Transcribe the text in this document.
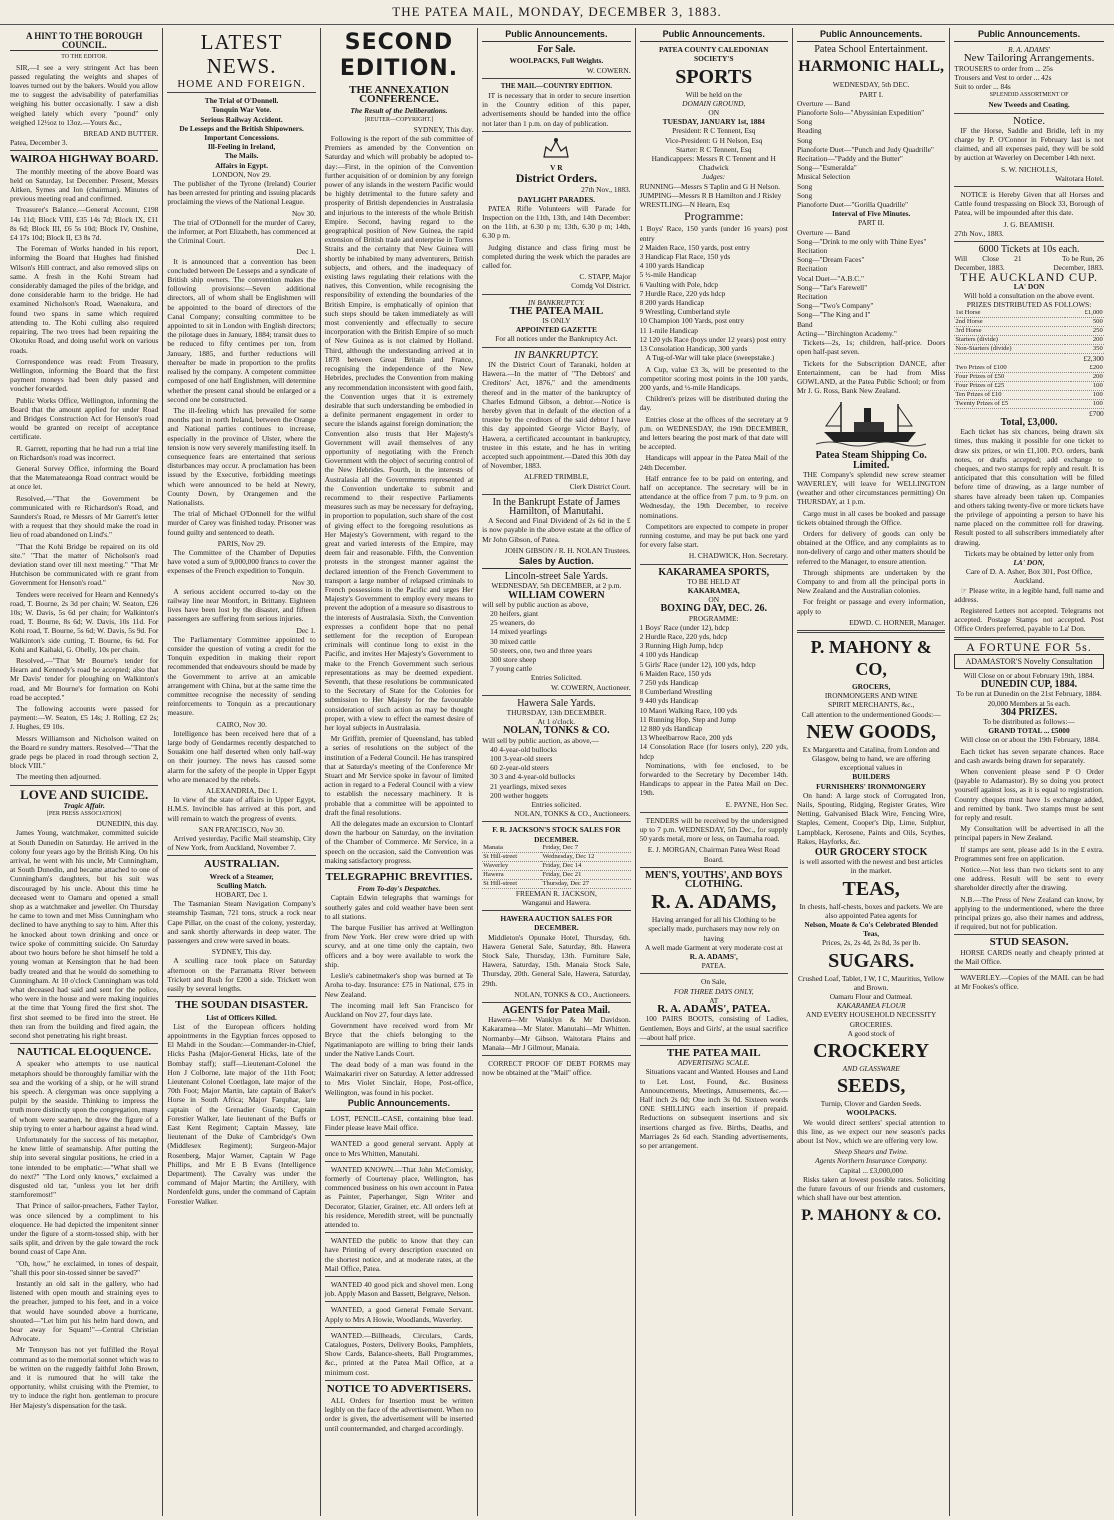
THE PATEA MAIL, MONDAY, DECEMBER 3, 1883.
A HINT TO THE BOROUGH COUNCIL.
TO THE EDITOR.

SIR,—I see a very stringent Act has been passed regulating the weights and shapes of loaves turned out by the bakers. Would you allow me to suggest the advisability of paterfamilias weighing his butter occasionally. I saw a dish weighed lately which every "pound" only weighed 12½oz to 13oz.—Yours &c.,

BREAD AND BUTTER.
Patea, December 3.
WAIROA HIGHWAY BOARD.

The monthly meeting of the above Board was held on Saturday, 1st December. Present, Messrs Aitken, Symes and Ion (chairman). Minutes of previous meeting read and confirmed.

Treasurer's Balance.—General Account, £198 14s 11d; Block VIII, £35 14s 7d; Block IX, £11 8s 6d; Block III, £6 5s 10d; Block IV, Onshine, £4 17s 10d; Block II, £3 8s 7d.

The Foreman of Works handed in his report, informing the Board that Hughes had finished Wilson's Hill contract, and also removed slips on same. A fresh in the Kohi Stream had considerably damaged the piles of the bridge, and done considerable harm to the bridge. He had examined Nicholson's Road, Waenakura, and found two spans in same which required attending to. The Kohi culling also required repairing. The two trees had been repairing the Okotuku Road, and doing useful work on various roads.

Correspondence was read: From Treasury, Wellington, informing the Board that the first payment moneys had been duly passed and voucher forwarded.

Public Works Office, Wellington, informing the Board that the amount applied for under Road and Bridges Construction Act for Henson's road would be granted on receipt of acceptance certificate.

R. Garrett, reporting that he had run a trial line on Richardson's road was incorrect.

General Survey Office, informing the Board that the Matemateaonga Road contract would be at once let.

Resolved,—"That the Government be communicated with re Richardson's Road, and Saunders's Road, re Messrs of Mr Garrett's letter with a request that they should make the road in lieu of road abandoned on Lind's."

"That the Kohi Bridge be repaired on its old site." "That the matter of Nicholson's road deviation stand over till next meeting." "That Mr Hutchison be communicated with re grant from Government for Henson's road."

Tenders were received for Hearn and Kennedy's road, T. Bourne, 2s 3d per chain; W. Seaton, £26 10s; W. Davis, 5s 6d per chain; for Walkinton's road, T. Bourne, 8s 6d; W. Davis, 10s 11d. For Kohi road, T. Bourne, 5s 6d; W. Davis, 5s 9d. For Walkinton's side cutting, T. Bourne, 6s 6d. For Kohi and Kaihaki, G. Ohelly, 10s per chain.

Resolved,—"That Mr Bourne's tender for Hearn and Kennedy's road be accepted; also that Mr Davis' tender for ploughing on Walkinton's road, and Mr Bourne's for formation on Kohi road be accepted."

The following accounts were passed for payment:—W. Seaton, £5 14s; J. Rolling, £2 2s; J. Hughes, £9 10s.

Messrs Williamson and Nicholson waited on the Board re sundry matters. Resolved—"That the grade pegs be placed in road through section 2, block VIII."

The meeting then adjourned.

LOVE AND SUICIDE.
Tragic Affair.
[PER PRESS ASSOCIATION]
DUNEDIN, this day.

James Young, watchmaker, committed suicide at South Dunedin on Saturday. He arrived in the colony four years ago by the British King. On his arrival, he went with his uncle, Mr Cunningham, at South Dunedin, and became attached to one of Cunningham's daughters, but his suit was discouraged by his uncle. About this time he deceased went to Oamaru and opened a small shop as a watchmaker and jeweller. On Thursday he came to town and met Miss Cunningham who declined to have anything to say to him. After this he knocked about town drinking and once or twice spoke of committing suicide. On Saturday about two hours before he shot himself he told a young woman at Kensington that he had been badly treated and that he would do something to Cunningham. At 10 o'clock Cunningham was told what deceased had said and sent for the police, who were in the house and were making inquiries at the time that Young fired the first shot. The first shot seemed to be fired into the street. He then ran from the building and fired again, the second shot penetrating his right breast.

NAUTICAL ELOQUENCE.

A speaker who attempts to use nautical metaphors should be thoroughly familiar with the sea and the working of a ship, or he will strand his speech. A clergyman was once supplying a pulpit by the seaside. Thinking to impress the truth more distinctly upon the congregation, many of whom were seamen, he drew the figure of a ship trying to enter a harbour against a head wind.

Unfortunately for the success of his metaphor, he knew little of seamanship. After putting the ship into several singular positions, he cried in a tone intended to be emphatic:—"What shall we do next?" "The Lord only knows," exclaimed a disgusted old tar, "unless you let her drift starnforemost!"

That Prince of sailor-preachers, Father Taylor, was once silenced by a compliment to his eloquence. He had depicted the impenitent sinner under the figure of a storm-tossed ship, with her sails split, and driven by the gale toward the rock bound coast of Cape Ann.

"Oh, how," he exclaimed, in tones of despair, "shall this poor sin-tossed sinner be saved?"

Instantly an old salt in the gallery, who had listened with open mouth and straining eyes to the preacher, jumped to his feet, and in a voice that would have sounded above a hurricane, shouted—"Let him put his helm hard down, and bear away for Squam!"—Central Christian Advocate.

Mr Tennyson has not yet fulfilled the Royal command as to the memorial sonnet which was to be written on the ruggedly faithful John Brown, and it is rumoured that he will take the opportunity, whilst cruising with the Premier, to try to induce the right hon. gentleman to procure Her Majesty's dispensation for the task.

LATEST NEWS.
HOME AND FOREIGN.
The Trial of O'Donnell.
Tonquin War Vote.
Serious Railway Accident.
De Lesseps and the British Shipowners.
Important Concessions.
Ill-Feeling in Ireland,
The Mails.
Affairs in Egypt.
LONDON, Nov 29.

The publisher of the Tyrone (Ireland) Courier has been arrested for printing and issuing placards proclaiming the views of the National League.

Nov 30.

The trial of O'Donnell for the murder of Carey, the informer, at Port Elizabeth, has commenced at the Criminal Court.

Dec 1.

It is announced that a convention has been concluded between De Lesseps and a syndicate of British ship owners. The convention makes the following provisions:—Seven additional directors, all of whom shall be Englishmen will be appointed to the board of directors of the Canal Company; consulting committee to be appointed to sit in London with English directors; the pilotage dues in January, 1884; transit dues to be reduced to fifty centimes per ton, from January, 1885, and further reductions will thereafter be made in proportion to the profits realised by the company. A competent committee composed of one half Englishmen, will determine whether the present canal should be enlarged or a second one be constructed.

The ill-feeling which has prevailed for some months past in north Ireland, between the Orange and National parties continues to increase, especially in the province of Ulster, where the tension is now very severely manifesting itself. In consequence fears are entertained that serious disturbances may occur. A proclamation has been issued by the Executive, forbidding meetings which were announced to be held at Newry, County Down, by Orangemen and the Nationalists.

The trial of Michael O'Donnell for the wilful murder of Carey was finished today. Prisoner was found guilty and sentenced to death.

PARIS, Nov 29.

The Committee of the Chamber of Deputies have voted a sum of 9,000,000 francs to cover the expenses of the French expedition to Tonquin.

Nov 30.

A serious accident occurred to-day on the railway line near Montfort, in Brittany. Eighteen lives have been lost by the disaster, and fifteen passengers are suffering from serious injuries.

Dec 1.

The Parliamentary Committee appointed to consider the question of voting a credit for the Tonquin expedition in making their report recommended that endeavours should be made by the Government to arrive at an amicable arrangement with China, but at the same time the committee recognise the necessity of sending reinforcements to Tonquin as a precautionary measure.

CAIRO, Nov 30.

Intelligence has been received here that of a large body of Gendarmes recently despatched to Souakim one half deserted when only half-way on their journey. The news has caused some alarm for the safety of the people in Upper Egypt who are menaced by the rebels.

ALEXANDRIA, Dec 1.

In view of the state of affairs in Upper Egypt, H.M.S. Invincible has arrived at this port, and will remain to watch the progress of events.

SAN FRANCISCO, Nov 30.

Arrived yesterday, Pacific Mail steamship, City of New York, from Auckland, November 7.

AUSTRALIAN.
Wreck of a Steamer,
Sculling Match.
HOBART, Dec 1.

The Tasmanian Steam Navigation Company's steamship Tasman, 721 tons, struck a rock near Cape Pillar, on the coast of the colony, yesterday, and sank shortly afterwards in deep water. The passengers and crew were saved in boats.

SYDNEY, This day.

A sculling race took place on Saturday afternoon on the Parramatta River between Trickett and Rush for £200 a side. Trickett won easily by several lengths.

THE SOUDAN DISASTER.
List of Officers Killed.

List of the European officers holding appointments in the Egyptian forces opposed to El Mahdi in the Soudan:—Commander-in-Chief, Hicks Pasha (Major-General Hicks, late of the Bombay staff); staff—Lieutenant-Colonel the Hon J Colborne, late major of the 11th Foot; Lieutenant Colonel Coetlagon, late major of the 70th Foot; Major Martin, late captain of Baker's Horse in South Africa; Major Farquhar, late captain of the Grenadier Guards; Captain Forestier Walker, late lieutenant of the Buffs or East Kent Regiment; Captain Massey, late lieutenant of the Duke of Cambridge's Own (Middlesex Regiment); Surgeon-Major Rosenberg, Major Warner, Captain W Page Phillips, and Mr E B Evans (Intelligence Department). The Cavalry was under the command of Major Martin; the Artillery, with Nordenfeldt guns, under the command of Captain Forestier Walker.

SECOND EDITION.
THE ANNEXATION CONFERENCE.
The Result of the Deliberations.
[REUTER—COPYRIGHT.]
SYDNEY, This day.

Following is the report of the sub committee of Premiers as amended by the Convention on Saturday and which will probably be adopted to-day:—First, in the opinion of the Convention further acquisition of or dominion by any foreign power of any islands in the western Pacific would be highly detrimental to the future safety and prosperity of British dependencies in Australasia and injurious to the interests of the whole British Empire. Second, having regard to the geographical position of New Guinea, the rapid extension of British trade and enterprise in Torres Straits and the certainty that New Guinea will shortly be inhabited by many adventurers, British subjects, and others, and the inadequacy of existing laws regulating their relations with the natives, this Convention, while recognising the responsibility of extending the boundaries of the British Empire, is emphatically of opinion that such steps should be taken immediately as will most conveniently and effectually to secure incorporation with the British Empire of so much of New Guinea as is not claimed by Holland. Third, although the understanding arrived at in 1878 between Great Britain and France, recognising the independence of the New Hebrides, precludes the Convention from making any recommendation inconsistent with good faith, the Convention urges that it is extremely desirable that such understanding be embodied in a definite permanent engagement in order to secure the islands against foreign domination; the Convention also trusts that Her Majesty's Government will avail themselves of any opportunity of negotiating with the French Government with the object of securing control of the New Hebrides. Fourth, in the interests of Australasia all the Governments represented at the Convention undertake to submit and recommend to their respective Parliaments measures such as may be necessary for defraying, in proportion to population, such share of the cost of giving effect to the foregoing resolutions as Her Majesty's Government, with regard to the great and varied interests of the Empire, may deem fair and reasonable. Fifth, the Convention protests in the strongest manner against the declared intention of the French Government to transport a large number of relapsed criminals to French possessions in the Pacific and urges Her Majesty's Government to employ every means to prevent the adoption of a measure so disastrous to the interests of Australasia. Sixth, the Convention expresses a confident hope that no penal settlement for the reception of European criminals will continue long to exist in the Pacific, and invites Her Majesty's Government to make to the French Government such serious representations as may be deemed expedient. Seventh, that these resolutions be communicated to the Secretary of State for the Colonies for submission to Her Majesty for the favourable consideration of such action as may be thought proper, with a view to effect the earnest desire of her loyal subjects in Australasia.

Mr Griffith, premier of Queensland, has tabled a series of resolutions on the subject of the institution of a Federal Council. He has transpired that at Saturday's meeting of the Conference Mr Stuart and Mr Service spoke in favour of limited action in regard to a Federal Council with a view to establish the necessary machinery. It is probable that a committee will be appointed to draft the final resolutions.

All the delegates made an excursion to Clontarf down the harbour on Saturday, on the invitation of the Chamber of Commerce. Mr Service, in a speech on the occasion, said the Convention was making satisfactory progress.

TELEGRAPHIC BREVITIES.
From To-day's Despatches.

Captain Edwin telegraphs that warnings for southerly gales and cold weather have been sent to all stations.

The barque Fusilier has arrived at Wellington from New York. Her crew were dried up with scurvy, and at one time only the captain, two officers and a boy were available to work the ship.

Leslie's cabinetmaker's shop was burned at Te Aroha to-day. Insurance: £75 in National, £75 in New Zealand.

The incoming mail left San Francisco for Auckland on Nov 27, four days late.

Government have received word from Mr Bryce that the chiefs belonging to the Ngatimaniapoto are willing to bring their lands under the Native Lands Court.

The dead body of a man was found in the Waimakariri river on Saturday. A letter addressed to Mrs Violet Sinclair, Hope, Post-office, Wellington, was found in his pocket.

Public Announcements.

LOST, PENCIL-CASE, containing blue lead. Finder please leave Mail office.

WANTED a good general servant. Apply at once to Mrs Whitten, Manutahi.

WANTED KNOWN.—That John McComisky, formerly of Courtenay place, Wellington, has commenced business on his own account in Patea as Painter, Paperhanger, Sign Writer and Decorator, Glazier, Grainer, etc. All orders left at his residence, Meredith street, will be punctually attended to.

WANTED the public to know that they can have Printing of every description executed on the shortest notice, and at moderate rates, at the Mail Office, Patea.

WANTED 40 good pick and shovel men. Long job. Apply Mason and Bassett, Belgrave, Nelson.

WANTED, a good General Female Servant. Apply to Mrs A Howie, Woodlands, Waverley.

WANTED.—Billheads, Circulars, Cards, Catalogues, Posters, Delivery Books, Pamphlets, Show Cards, Balance-sheets, Ball Programmes, &c., printed at the Patea Mail Office, at a minimum cost.

NOTICE TO ADVERTISERS.

ALL Orders for Insertion must be written legibly on the face of the advertisement. When no order is given, the advertisement will be inserted until countermanded, and charged accordingly.

Public Announcements.
For Sale.
WOOLPACKS, Full Weights.
W. COWERN.
THE MAIL—COUNTRY EDITION.

IT is necessary that in order to secure insertion in the Country edition of this paper, advertisements should be handed into the office not later than 1 p.m. on day of publication.

V R
District Orders.
27th Nov., 1883.
DAYLIGHT PARADES.

PATEA Rifle Volunteers will Parade for Inspection on the 11th, 13th, and 14th December: on the 11th, at 6.30 p m; 13th, 6.30 p m; 14th, 6.30 p m.

Judging distance and class firing must be completed during the week which the parades are called for.

C. STAPP, Major
Comdg Vol District.
IN BANKRUPTCY.
THE PATEA MAIL
IS ONLY
APPOINTED GAZETTE
For all notices under the Bankruptcy Act.
IN BANKRUPTCY.

IN the District Court of Taranaki, holden at Hawera.—In the matter of "The Debtors' and Creditors' Act, 1876," and the amendments thereof and in the matter of the bankruptcy of Charles Edmund Gibson, a debtor.—Notice is hereby given that in default of the election of a trustee by the creditors of the said debtor I have this day appointed George Victor Bayly, of Hawera, a certificated accountant in bankruptcy, trustee in this estate, and he has in writing accepted such appointment.—Dated this 30th day of November, 1883.

ALFRED TRIMBLE,
Clerk District Court.
In the Bankrupt Estate of James Hamilton, of Manutahi.

A Second and Final Dividend of 2s 6d in the £ is now payable in the above estate at the office of Mr John Gibson, of Patea.

JOHN GIBSON / R. H. NOLAN Trustees.
Sales by Auction.
Lincoln-street Sale Yards.
WEDNESDAY, 5th DECEMBER, at 2 p.m.
WILLIAM COWERN
will sell by public auction as above,
20 heifers, giant
25 weaners, do
14 mixed yearlings
30 mixed cattle
50 steers, one, two and three years
300 store sheep
7 young cattle
Entries Solicited.
W. COWERN, Auctioneer.
Hawera Sale Yards.
THURSDAY, 13th DECEMBER.
At 1 o'clock.
NOLAN, TONKS & CO.
Will sell by public auction, as above,—
40 4-year-old bullocks
100 3-year-old steers
60 2-year-old steers
30 3 and 4-year-old bullocks
21 yearlings, mixed sexes
200 wether hoggets
Entries solicited.
NOLAN, TONKS & CO., Auctioneers.
F. R. JACKSON'S STOCK SALES FOR DECEMBER.
Manaia	Friday, Dec 7
St Hill-street	Wednesday, Dec 12
Waverley	Friday, Dec 14
Hawera	Friday, Dec 21
St Hill-street	Thursday, Dec 27
FREEMAN R. JACKSON,
Wanganui and Hawera.
HAWERA AUCTION SALES FOR DECEMBER.

Middleton's Opunake Hotel, Thursday, 6th. Hawera General Sale, Saturday, 8th. Hawera Stock Sale, Thursday, 13th. Furniture Sale, Hawera, Saturday, 15th. Manaia Stock Sale, Thursday, 20th. General Sale, Hawera, Saturday, 29th.

NOLAN, TONKS & CO., Auctioneers.
AGENTS for Patea Mail.

Hawera—Mr Wanklyn & Mr Davidson. Kakaramea—Mr Slater. Manutahi—Mr Whitten. Normanby—Mr Gibson. Waitotara Plains and Manaia—Mr J Gilmour, Manaia.

CORRECT PROOF OF DEBT FORMS may now be obtained at the "Mail" office.

Public Announcements.
PATEA COUNTY CALEDONIAN SOCIETY'S
SPORTS
Will be held on the
DOMAIN GROUND,
ON
TUESDAY, JANUARY 1st, 1884
President: R C Tennent, Esq
Vice-President: G H Nelson, Esq
Starter: R C Tennent, Esq
Handicappers: Messrs R C Tennent and H Chadwick
Judges:
RUNNING—Messrs S Taplin and G H Nelson.
JUMPING—Messrs R B Hamilton and J Risley
WRESTLING—N Hearn, Esq
Programme:
1 Boys' Race, 150 yards (under 16 years) post entry
2 Maiden Race, 150 yards, post entry
3 Handicap Flat Race, 150 yds
4 100 yards Handicap
5 ½-mile Handicap
6 Vaulting with Pole, hdcp
7 Hurdle Race, 220 yds hdcp
8 200 yards Handicap
9 Wrestling, Cumberland style
10 Champion 100 Yards, post entry
11 1-mile Handicap
12 120 yds Race (boys under 12 years) post entry
13 Consolation Handicap, 300 yards

A Tug-of-War will take place (sweepstake.)

A Cup, value £3 3s, will be presented to the competitor scoring most points in the 100 yards, 200 yards, and ½-mile Handicaps.

Children's prizes will be distributed during the day.

Entries close at the offices of the secretary at 9 p.m. on WEDNESDAY, the 19th DECEMBER, and letters bearing the post mark of that date will be accepted.

Handicaps will appear in the Patea Mail of the 24th December.

Half entrance fee to be paid on entering, and half on acceptance. The secretary will be in attendance at the office from 7 p.m. to 9 p.m. on Wednesday, the 19th December, to receive nominations.

Competitors are expected to compete in proper running costume, and may be put back one yard for every false start.

H. CHADWICK, Hon. Secretary.
KAKARAMEA SPORTS,
TO BE HELD AT
KAKARAMEA,
ON
BOXING DAY, DEC. 26.
PROGRAMME:
1 Boys' Race (under 12), hdcp
2 Hurdle Race, 220 yds, hdcp
3 Running High Jump, hdcp
4 100 yds Handicap
5 Girls' Race (under 12), 100 yds, hdcp
6 Maiden Race, 150 yds
7 250 yds Handicap
8 Cumberland Wrestling
9 440 yds Handicap
10 Maori Walking Race, 100 yds
11 Running Hop, Step and Jump
12 880 yds Handicap
13 Wheelbarrow Race, 200 yds
14 Consolation Race (for losers only), 220 yds, hdcp

Nominations, with fee enclosed, to be forwarded to the Secretary by December 14th. Handicaps to appear in the Patea Mail on Dec. 19th.

E. PAYNE, Hon Sec.

TENDERS will be received by the undersigned up to 7 p.m. WEDNESDAY, 5th Dec., for supply 50 yards metal, more or less, on Taumaha road.

E. J. MORGAN, Chairman Patea West Road Board.
MEN'S, YOUTHS', AND BOYS CLOTHING.
R. A. ADAMS,
Having arranged for all his Clothing to be specially made, purchasers may now rely on having
A well made Garment at very moderate cost at
R. A. ADAMS',
PATEA.
On Sale,
FOR THREE DAYS ONLY,
AT
R. A. ADAMS', PATEA.

100 PAIRS BOOTS, consisting of Ladies, Gentlemen, Boys and Girls', at the usual sacrifice—about half price.

THE PATEA MAIL
ADVERTISING SCALE.

Situations vacant and Wanted. Houses and Land to Let. Lost, Found, &c. Business Announcements, Meetings, Amusements, &c.—Half inch 2s 0d; One inch 3s 0d. Sixteen words ONE SHILLING each insertion if prepaid. Reductions on subsequent insertions and six insertions charged as five. Births, Deaths, and Marriages 2s 6d each. Standing advertisements, so per arrangement.

Public Announcements.
Patea School Entertainment.
HARMONIC HALL,
WEDNESDAY, 5th DEC.
PART I.
Overture — Band
Pianoforte Solo—"Abyssinian Expedition"
Song
Reading
Song
Pianoforte Duet—"Punch and Judy Quadrille"
Recitation—"Paddy and the Butter"
Song—"Esmeralda"
Musical Selection
Song
Song
Pianoforte Duet—"Gorilla Quadrille"
Interval of Five Minutes.
PART II.
Overture — Band
Song—"Drink to me only with Thine Eyes"
Recitation
Song—"Dream Faces"
Recitation
Vocal Duet—"A.B.C."
Song—"Tar's Farewell"
Recitation
Song—"Two's Company"
Song—"The King and I"
Band
Acting—"Birchington Academy."

Tickets—2s, 1s; children, half-price. Doors open half-past seven.

Tickets for the Subscription DANCE, after Entertainment, can be had from Miss GOWLAND, at the Patea Public School; or from Mr J. G. Ross, Bank New Zealand.

Patea Steam Shipping Co. Limited.

THE Company's splendid new screw steamer WAVERLEY, will leave for WELLINGTON (weather and other circumstances permitting) On THURSDAY, at 1 p.m.

Cargo must in all cases be booked and passage tickets obtained through the Office.

Orders for delivery of goods can only be obtained at the Office, and any complaints as to non-delivery of cargo and other matters should be referred to the Manager, to ensure attention.

Through shipments are undertaken by the Company to and from all the principal ports in New Zealand and the Australian colonies.

For freight or passage and every information, apply to

EDWD. C. HORNER, Manager.
P. MAHONY & CO,
GROCERS,
IRONMONGERS AND WINE
SPIRIT MERCHANTS, &c.,
Call attention to the undermentioned Goods:—
NEW GOODS,
Ex Margaretta and Catalina, from London and Glasgow, being to hand, we are offering exceptional values in
BUILDERS
FURNISHERS' IRONMONGERY

On hand: A large stock of Corrugated Iron, Nails, Spouting, Ridging, Register Grates, Wire Netting, Galvanised Black Wire, Fencing Wire, Staples, Cement, Cooper's Dip, Lime, Sulphur, Lampblack, Kerosene, Paints and Oils, Scythes, Rakes, Hayforks, &c.

OUR GROCERY STOCK
is well assorted with the newest and best articles in the market.
TEAS,
In chests, half-chests, boxes and packets. We are also appointed Patea agents for
Nelson, Moate & Co's Celebrated Blended Teas,
Prices, 2s, 2s 4d, 2s 8d, 3s per lb.
SUGARS.
Crushed Loaf, Tablet, I W, I C, Mauritius, Yellow and Brown.
Oamaru Flour and Oatmeal.
KAKARAMEA FLOUR
AND EVERY HOUSEHOLD NECESSITY GROCERIES.
A good stock of
CROCKERY
AND GLASSWARE
SEEDS,
Turnip, Clover and Garden Seeds.
WOOLPACKS.

We would direct settlers' special attention to this line, as we expect our new season's packs about 1st Nov., which we are offering very low.

Sheep Shears and Twine.
Agents Northern Insurance Company.
Capital ... £3,000,000

Risks taken at lowest possible rates. Soliciting the future favours of our friends and customers, which shall have our best attention.

P. MAHONY & CO.
Public Announcements.
R. A. ADAMS'
New Tailoring Arrangements.
TROUSERS to order from ... 25s
Trousers and Vest to order ... 42s
Suit to order ... 84s
SPLENDID ASSORTMENT OF
New Tweeds and Coating.
Notice.

IF the Horse, Saddle and Bridle, left in my charge by P. O'Connor in February last is not claimed, and all expenses paid, they will be sold by auction at Waverley on December 14th next.

S. W. NICHOLLS,
Waitotara Hotel.

NOTICE is Hereby Given that all Horses and Cattle found trespassing on Block 33, Borough of Patea, will be impounded after this date.

J. G. BEAMISH.
27th Nov., 1883.
6000 Tickets at 10s each.
Will Close 21 December, 1883.
To be Run, 26 December, 1883.
THE AUCKLAND CUP.
LA' DON
Will hold a consultation on the above event.
PRIZES DISTRIBUTED AS FOLLOWS:
1st Horse	£1,000
2nd Horse	500
3rd Horse	250
Starters (divide)	200
Non-Starters (divide)	350
£2,300
Two Prizes of £100	£200
Four Prizes of £50	200
Four Prizes of £25	100
Ten Prizes of £10	100
Twenty Prizes of £5	100
£700
Total, £3,000.

Each ticket has six chances, being drawn six times, thus making it possible for one ticket to draw six prizes, or win £1,100. P.O. orders, bank notes, or drafts accepted; add exchange to cheques, and two stamps for reply and result. It is anticipated that this consultation will be filled before time of drawing, as a large number of shares have already been taken up. Companies and others taking twenty-five or more tickets have the privilege of appointing a person to have his name placed on the committee roll for drawing. Result posted to all subscribers immediately after drawing.

Tickets may be obtained by letter only from
LA' DON,
Care of D. A. Asher, Box 301, Post Office, Auckland.

☞ Please write, in a legible hand, full name and address.

Registered Letters not accepted. Telegrams not accepted. Postage Stamps not accepted. Post Office Orders preferred, payable to La' Don.

A FORTUNE FOR 5s.
ADAMASTOR'S Novelty Consultation
Will Close on or about February 19th, 1884.
DUNEDIN CUP, 1884.
To be run at Dunedin on the 21st February, 1884.
20,000 Members at 5s each.
304 PRIZES.
To be distributed as follows:—
GRAND TOTAL ... £5000

Will close on or about the 19th February, 1884.

Each ticket has seven separate chances. Race and cash awards being drawn for separately.

When convenient please send P O Order (payable to Adamastor). By so doing you protect yourself against loss, as it is equal to registration. Country cheques must have 1s exchange added, and remitted by bank. Two stamps must be sent for reply and result.

My Consultation will be advertised in all the principal papers in New Zealand.

If stamps are sent, please add 1s in the £ extra. Programmes sent free on application.

Notice.—Not less than two tickets sent to any one address. Result will be sent to every shareholder directly after the drawing.

N.B.—The Press of New Zealand can know, by applying to the undermentioned, where the three principal prizes go, also their names and address, if required, but not for publication.

STUD SEASON.

HORSE CARDS neatly and cheaply printed at the Mail Office.

WAVERLEY.—Copies of the MAIL can be had at Mr Fookes's office.
